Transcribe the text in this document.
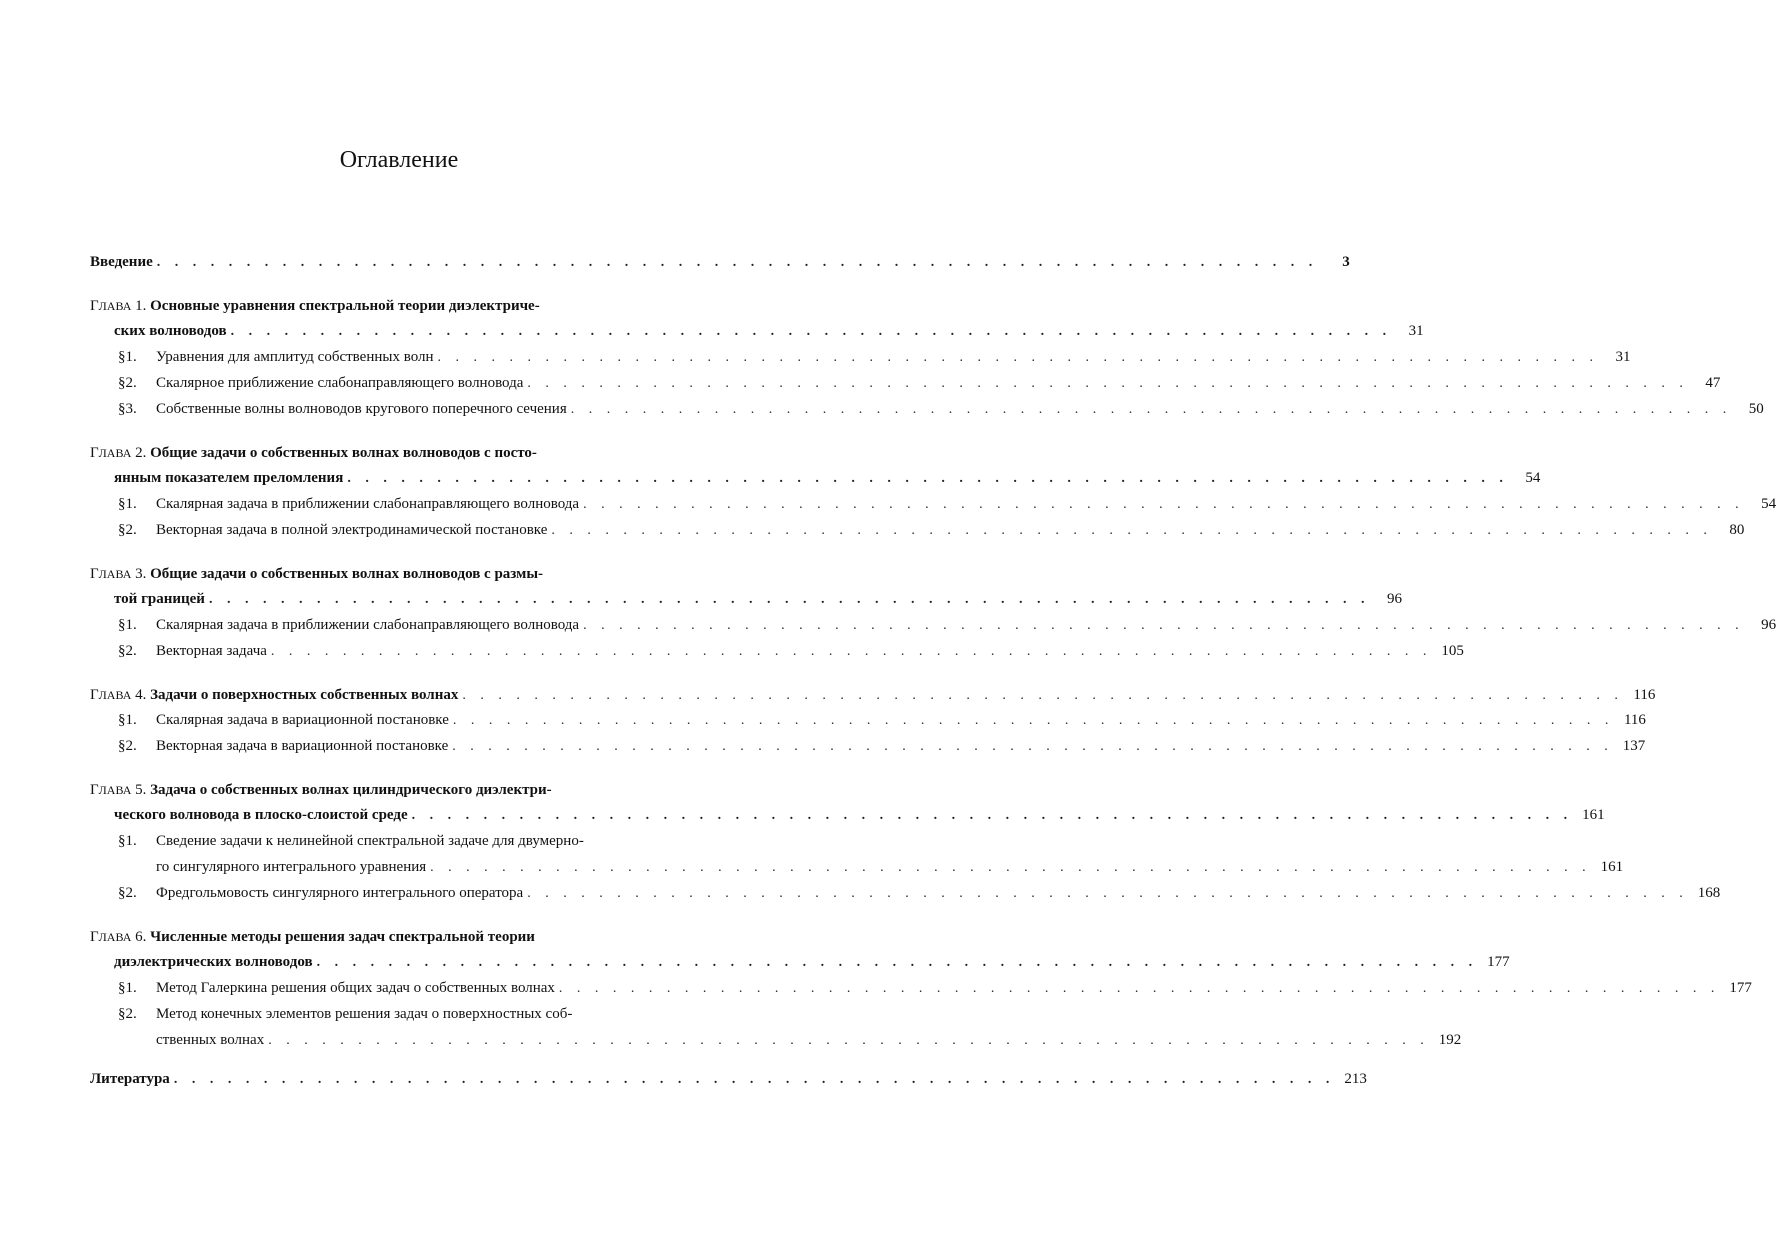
Оглавление
Введение . . . . . . . . . . . . . . . . . . . . . . . . . . . . . . . . . . . . . . . . . . . . . . . . . . . . . . . . . . . . . . . . .	3
ГЛАВА 1. Основные уравнения спектральной теории диэлектриче-
ских волноводов . . . . . . . . . . . . . . . . . . . . . . . . . . . . . . . . . . . . . . . . . . . . . . . . . . . . . . . . . . . . . . . . .	31
§1. Уравнения для амплитуд собственных волн . . . . . . . . . . . . . . . . . . . . . . . . . . . . . . . . . . . . . . . . . . . . . . . . . . . . . . . . . . . . . . . . .	31
§2. Скалярное приближение слабонаправляющего волновода . . . . . . . . . . . . . . . . . . . . . . . . . . . . . . . . . . . . . . . . . . . . . . . . . . . . . . . . . . . . . . . . .	47
§3. Собственные волны волноводов кругового поперечного сечения . . . . . . . . . . . . . . . . . . . . . . . . . . . . . . . . . . . . . . . . . . . . . . . . . . . . . . . . . . . . . . . . .	50
ГЛАВА 2. Общие задачи о собственных волнах волноводов с посто-
янным показателем преломления . . . . . . . . . . . . . . . . . . . . . . . . . . . . . . . . . . . . . . . . . . . . . . . . . . . . . . . . . . . . . . . . .	54
§1. Скалярная задача в приближении слабонаправляющего волновода . . . . . . . . . . . . . . . . . . . . . . . . . . . . . . . . . . . . . . . . . . . . . . . . . . . . . . . . . . . . . . . . .	54
§2. Векторная задача в полной электродинамической постановке . . . . . . . . . . . . . . . . . . . . . . . . . . . . . . . . . . . . . . . . . . . . . . . . . . . . . . . . . . . . . . . . .	80
ГЛАВА 3. Общие задачи о собственных волнах волноводов с размы-
той границей . . . . . . . . . . . . . . . . . . . . . . . . . . . . . . . . . . . . . . . . . . . . . . . . . . . . . . . . . . . . . . . . .	96
§1. Скалярная задача в приближении слабонаправляющего волновода . . . . . . . . . . . . . . . . . . . . . . . . . . . . . . . . . . . . . . . . . . . . . . . . . . . . . . . . . . . . . . . . .	96
§2. Векторная задача . . . . . . . . . . . . . . . . . . . . . . . . . . . . . . . . . . . . . . . . . . . . . . . . . . . . . . . . . . . . . . . . . 105
ГЛАВА 4. Задачи о поверхностных собственных волнах . . . . . . . . . . . . . . . . . . . . . . . . . . . . . . . . . . . . . . . . . . . . . . . . . . . . . . . . . . . . . . . . . 116
§1. Скалярная задача в вариационной постановке . . . . . . . . . . . . . . . . . . . . . . . . . . . . . . . . . . . . . . . . . . . . . . . . . . . . . . . . . . . . . . . . . 116
§2. Векторная задача в вариационной постановке . . . . . . . . . . . . . . . . . . . . . . . . . . . . . . . . . . . . . . . . . . . . . . . . . . . . . . . . . . . . . . . . . 137
ГЛАВА 5. Задача о собственных волнах цилиндрического диэлектри-
ческого волновода в плоско-слоистой среде . . . . . . . . . . . . . . . . . . . . . . . . . . . . . . . . . . . . . . . . . . . . . . . . . . . . . . . . . . . . . . . . . 161
§1. Сведение задачи к нелинейной спектральной задаче для двумерно-
го сингулярного интегрального уравнения . . . . . . . . . . . . . . . . . . . . . . . . . . . . . . . . . . . . . . . . . . . . . . . . . . . . . . . . . . . . . . . . . 161
§2. Фредгольмовость сингулярного интегрального оператора . . . . . . . . . . . . . . . . . . . . . . . . . . . . . . . . . . . . . . . . . . . . . . . . . . . . . . . . . . . . . . . . . 168
ГЛАВА 6. Численные методы решения задач спектральной теории
диэлектрических волноводов . . . . . . . . . . . . . . . . . . . . . . . . . . . . . . . . . . . . . . . . . . . . . . . . . . . . . . . . . . . . . . . . . 177
§1. Метод Галеркина решения общих задач о собственных волнах . . . . . . . . . . . . . . . . . . . . . . . . . . . . . . . . . . . . . . . . . . . . . . . . . . . . . . . . . . . . . . . . . 177
§2. Метод конечных элементов решения задач о поверхностных соб-
ственных волнах . . . . . . . . . . . . . . . . . . . . . . . . . . . . . . . . . . . . . . . . . . . . . . . . . . . . . . . . . . . . . . . . . 192
Литература . . . . . . . . . . . . . . . . . . . . . . . . . . . . . . . . . . . . . . . . . . . . . . . . . . . . . . . . . . . . . . . . . 213
